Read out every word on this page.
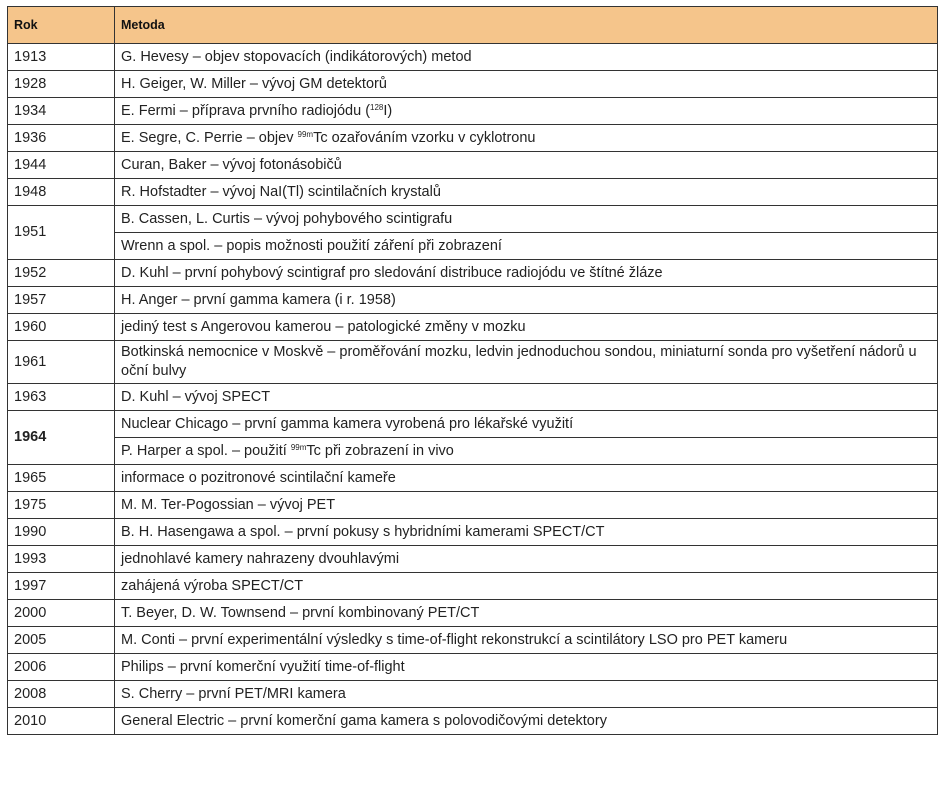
Rok	Metoda
1913	G. Hevesy – objev stopovacích (indikátorových) metod
1928	H. Geiger, W. Miller – vývoj GM detektorů
1934	E. Fermi – příprava prvního radiojódu ($^{128}$I)
1936	E. Segre, C. Perrie – objev $^{99m}$Tc ozařováním vzorku v cyklotronu
1944	Curan, Baker – vývoj fotonásobičů
1948	R. Hofstadter – vývoj NaI(Tl) scintilačních krystalů
1951	B. Cassen, L. Curtis – vývoj pohybového scintigrafu
	Wrenn a spol. – popis možnosti použití záření při zobrazení
1952	D. Kuhl – první pohybový scintigraf pro sledování distribuce radiojódu ve štítné žláze
1957	H. Anger – první gamma kamera (i r. 1958)
1960	jediný test s Angerovou kamerou – patologické změny v mozku
1961	Botkinská nemocnice v Moskvě – proměřování mozku, ledvin jednoduchou sondou, miniaturní sonda pro vyšetření nádorů u oční bulvy
1963	D. Kuhl – vývoj SPECT
1964	Nuclear Chicago – první gamma kamera vyrobená pro lékařské využití
	P. Harper a spol. – použití $^{99m}$Tc při zobrazení in vivo
1965	informace o pozitronové scintilační kameře
1975	M. M. Ter-Pogossian – vývoj PET
1990	B. H. Hasengawa a spol. – první pokusy s hybridními kamerami SPECT/CT
1993	jednohlavé kamery nahrazeny dvouhlavými
1997	zahájená výroba SPECT/CT
2000	T. Beyer, D. W. Townsend – první kombinovaný PET/CT
2005	M. Conti – první experimentální výsledky s time-of-flight rekonstrukcí a scintilátory LSO pro PET kameru
2006	Philips – první komerční využití time-of-flight
2008	S. Cherry – první PET/MRI kamera
2010	General Electric – první komerční gama kamera s polovodičovými detektory
